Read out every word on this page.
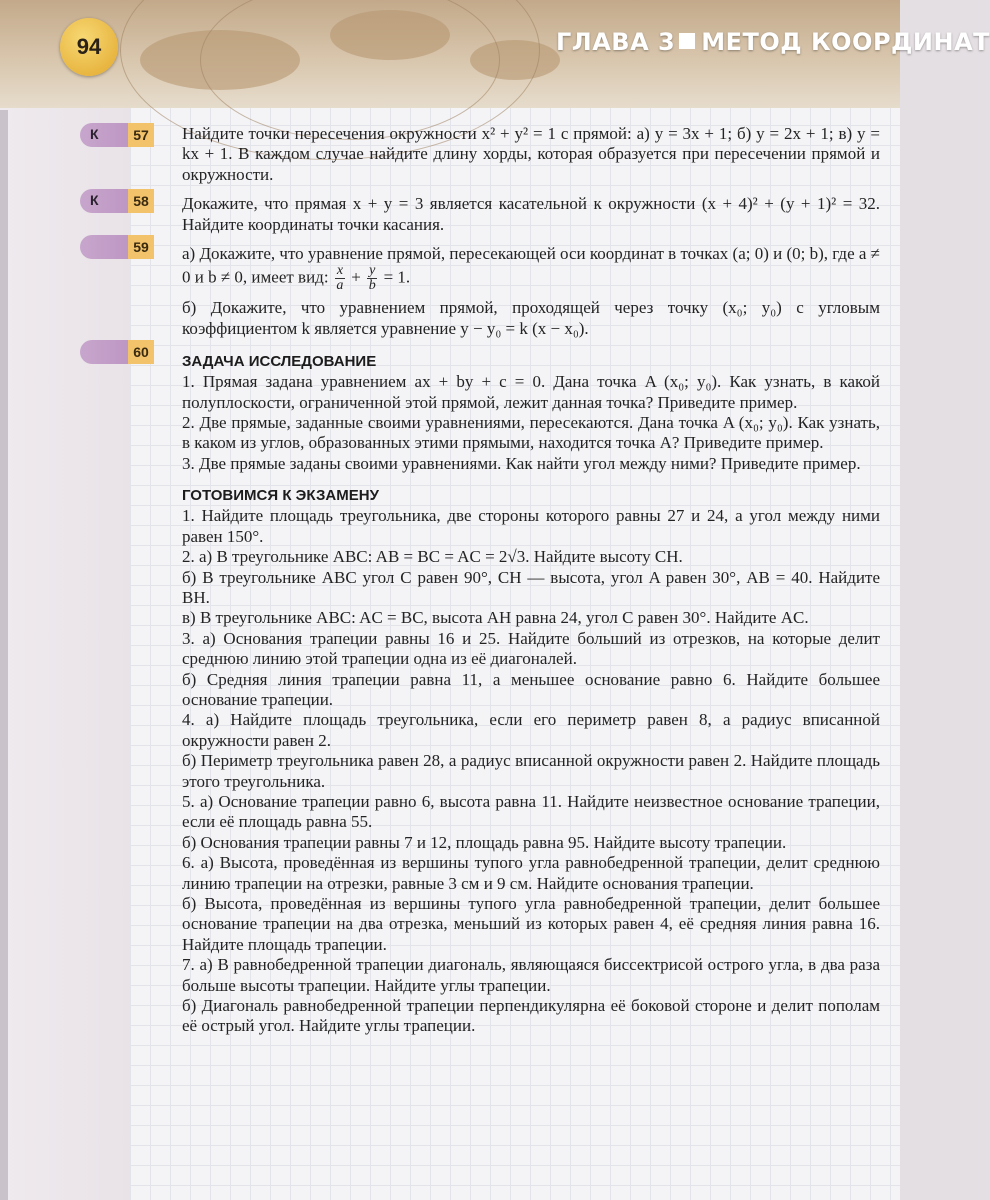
94	ГЛАВА 3 МЕТОД КООРДИНАТ
К	57
К	58
59
60

Найдите точки пересечения окружности x² + y² = 1 с прямой: а) y = 3x + 1; б) y = 2x + 1; в) y = kx + 1. В каждом случае найдите длину хорды, которая образуется при пересечении прямой и окружности.

Докажите, что прямая x + y = 3 является касательной к окружности (x + 4)² + (y + 1)² = 32. Найдите координаты точки касания.

а) Докажите, что уравнение прямой, пересекающей оси координат в точках (a; 0) и (0; b), где a ≠ 0 и b ≠ 0, имеет вид: $\frac{x}{a} + \frac{y}{b} = 1$.

б) Докажите, что уравнением прямой, проходящей через точку (x₀; y₀) с угловым коэффициентом k является уравнение y − y₀ = k (x − x₀).

ЗАДАЧА ИССЛЕДОВАНИЕ

1. Прямая задана уравнением ax + by + c = 0. Дана точка A (x₀; y₀). Как узнать, в какой полуплоскости, ограниченной этой прямой, лежит данная точка? Приведите пример.

2. Две прямые, заданные своими уравнениями, пересекаются. Дана точка A (x₀; y₀). Как узнать, в каком из углов, образованных этими прямыми, находится точка A? Приведите пример.

3. Две прямые заданы своими уравнениями. Как найти угол между ними? Приведите пример.

ГОТОВИМСЯ К ЭКЗАМЕНУ

1. Найдите площадь треугольника, две стороны которого равны 27 и 24, а угол между ними равен 150°.

2. а) В треугольнике ABC: AB = BC = AC = 2√3. Найдите высоту CH.

б) В треугольнике ABC угол C равен 90°, CH — высота, угол A равен 30°, AB = 40. Найдите BH.

в) В треугольнике ABC: AC = BC, высота AH равна 24, угол C равен 30°. Найдите AC.

3. а) Основания трапеции равны 16 и 25. Найдите больший из отрезков, на которые делит среднюю линию этой трапеции одна из её диагоналей.

б) Средняя линия трапеции равна 11, а меньшее основание равно 6. Найдите большее основание трапеции.

4. а) Найдите площадь треугольника, если его периметр равен 8, а радиус вписанной окружности равен 2.

б) Периметр треугольника равен 28, а радиус вписанной окружности равен 2. Найдите площадь этого треугольника.

5. а) Основание трапеции равно 6, высота равна 11. Найдите неизвестное основание трапеции, если её площадь равна 55.

б) Основания трапеции равны 7 и 12, площадь равна 95. Найдите высоту трапеции.

6. а) Высота, проведённая из вершины тупого угла равнобедренной трапеции, делит среднюю линию трапеции на отрезки, равные 3 см и 9 см. Найдите основания трапеции.

б) Высота, проведённая из вершины тупого угла равнобедренной трапеции, делит большее основание трапеции на два отрезка, меньший из которых равен 4, её средняя линия равна 16. Найдите площадь трапеции.

7. а) В равнобедренной трапеции диагональ, являющаяся биссектрисой острого угла, в два раза больше высоты трапеции. Найдите углы трапеции.

б) Диагональ равнобедренной трапеции перпендикулярна её боковой стороне и делит пополам её острый угол. Найдите углы трапеции.
